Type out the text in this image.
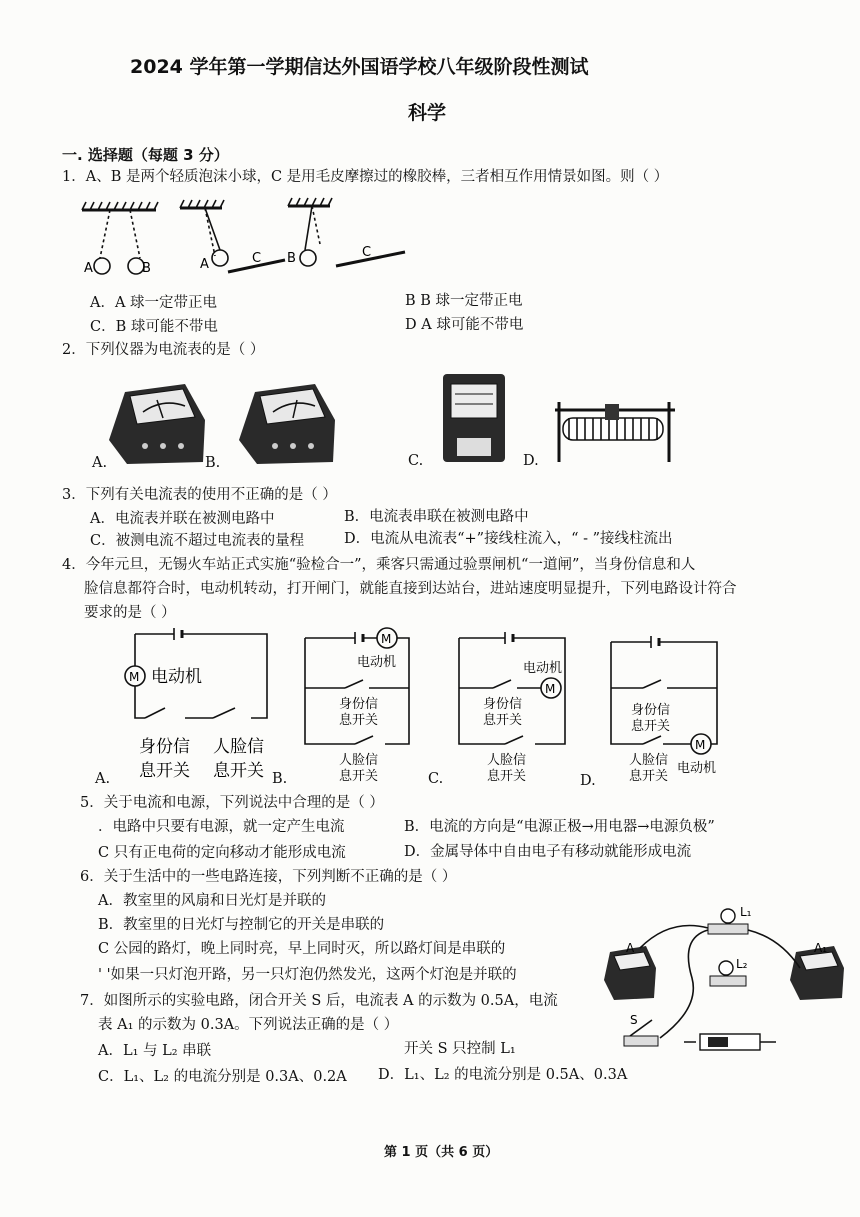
2024 学年第一学期信达外国语学校八年级阶段性测试
科学
一. 选择题（每题 3 分）
1．A、B 是两个轻质泡沫小球，C 是用毛皮摩擦过的橡胶棒，三者相互作用情景如图。则（ ）
A	B	A	C B	C
A．A 球一定带正电	B B 球一定带正电
C．B 球可能不带电	D A 球可能不带电
2．下列仪器为电流表的是（ ）
A.	B.	C.	D.
3．下列有关电流表的使用不正确的是（ ）
A．电流表并联在被测电路中	B．电流表串联在被测电路中
C．被测电流不超过电流表的量程	D．电流从电流表“+”接线柱流入，“ - ”接线柱流出
4．今年元旦，无锡火车站正式实施“验检合一”，乘客只需通过验票闸机“一道闸”，当身份信息和人
脸信息都符合时，电动机转动，打开闸门，就能直接到达站台，进站速度明显提升，下列电路设计符合
要求的是（ ）
M 电动机
身份信
息开关
人脸信
息开关
M
电动机
身份信
息开关
人脸信
息开关
电动机
M
身份信
息开关
人脸信
息开关
身份信
息开关
M
人脸信
息开关
电动机
A.	B.	C.	D.
5．关于电流和电源，下列说法中合理的是（ ）
．电路中只要有电源，就一定产生电流	B．电流的方向是“电源正极→用电器→电源负极”
C 只有正电荷的定向移动才能形成电流	D．金属导体中自由电子有移动就能形成电流
6．关于生活中的一些电路连接，下列判断不正确的是（ ）
A．教室里的风扇和日光灯是并联的
B．教室里的日光灯与控制它的开关是串联的
C 公园的路灯，晚上同时亮，早上同时灭，所以路灯间是串联的
' '如果一只灯泡开路，另一只灯泡仍然发光，这两个灯泡是并联的
7．如图所示的实验电路，闭合开关 S 后，电流表 A 的示数为 0.5A，电流
表 A₁ 的示数为 0.3A。下列说法正确的是（ ）
A．L₁ 与 L₂ 串联	开关 S 只控制 L₁
C．L₁、L₂ 的电流分别是 0.3A、0.2A D．L₁、L₂ 的电流分别是 0.5A、0.3A
L₁
L₂
A	A₁
S
第 1 页（共 6 页）
